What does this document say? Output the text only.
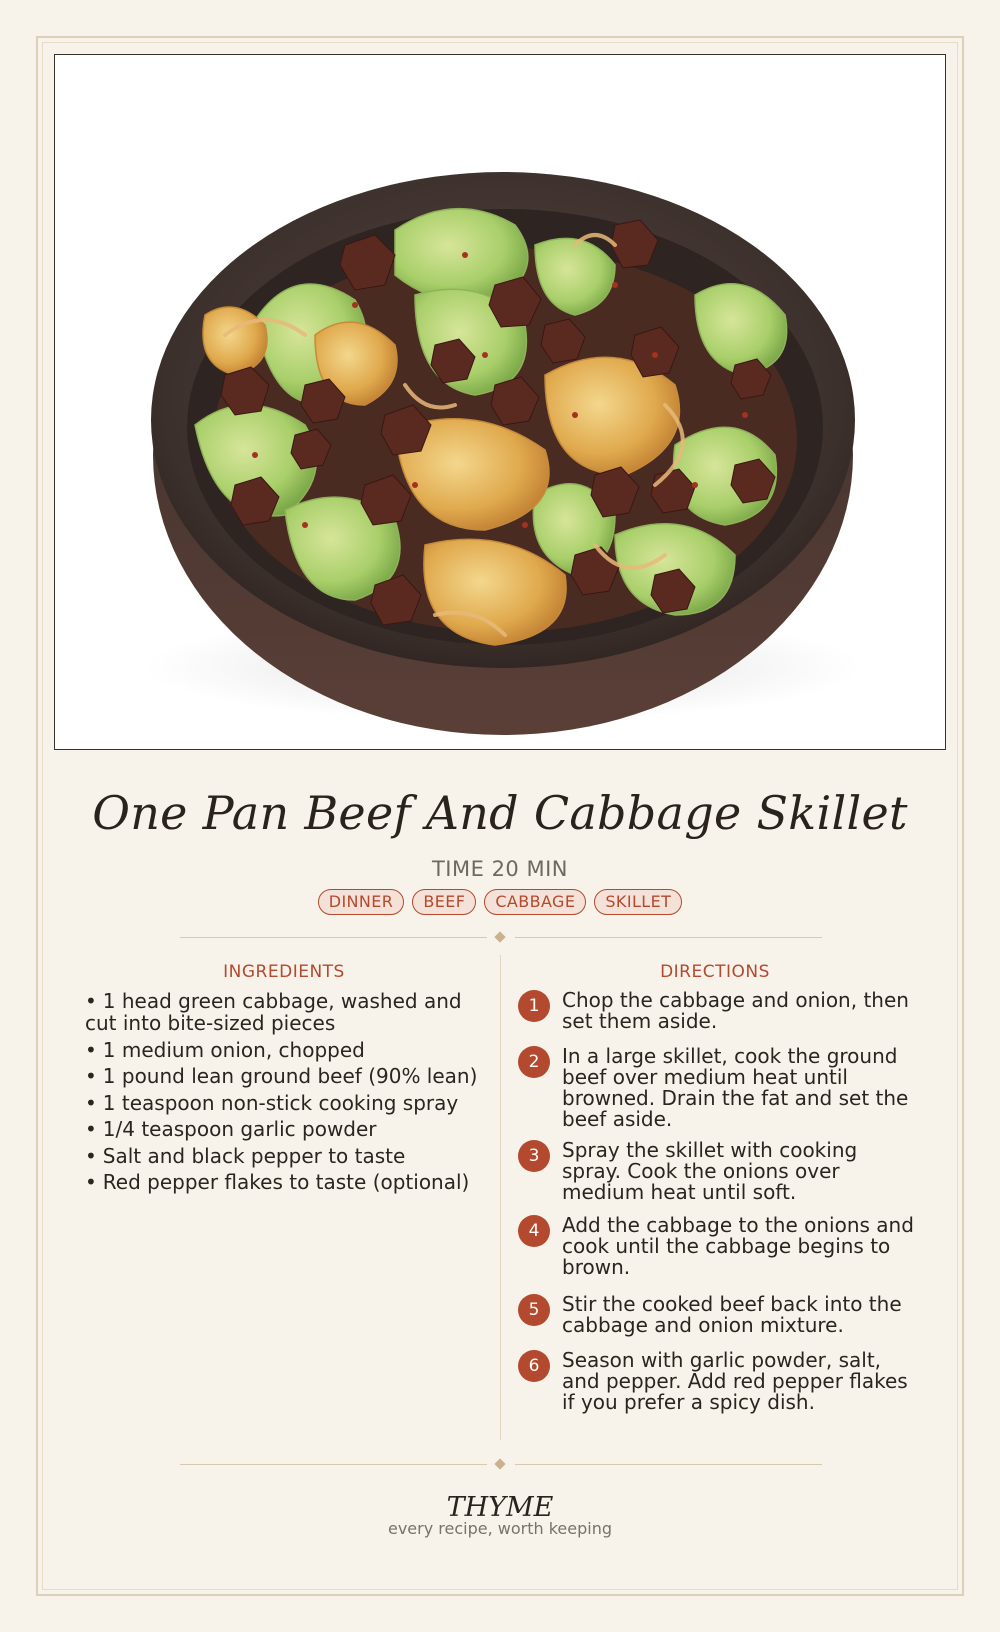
One Pan Beef And Cabbage Skillet
TIME 20 MIN
DINNER	BEEF	CABBAGE	SKILLET
INGREDIENTS	DIRECTIONS
• 1 head green cabbage, washed and cut into bite-sized pieces
• 1 medium onion, chopped
• 1 pound lean ground beef (90% lean)
• 1 teaspoon non-stick cooking spray
• 1/4 teaspoon garlic powder
• Salt and black pepper to taste
• Red pepper flakes to taste (optional)
1	Chop the cabbage and onion, then set them aside.
2	In a large skillet, cook the ground beef over medium heat until browned. Drain the fat and set the beef aside.
3	Spray the skillet with cooking spray. Cook the onions over medium heat until soft.
4	Add the cabbage to the onions and cook until the cabbage begins to brown.
5	Stir the cooked beef back into the cabbage and onion mixture.
6	Season with garlic powder, salt, and pepper. Add red pepper flakes if you prefer a spicy dish.
THYME
every recipe, worth keeping
